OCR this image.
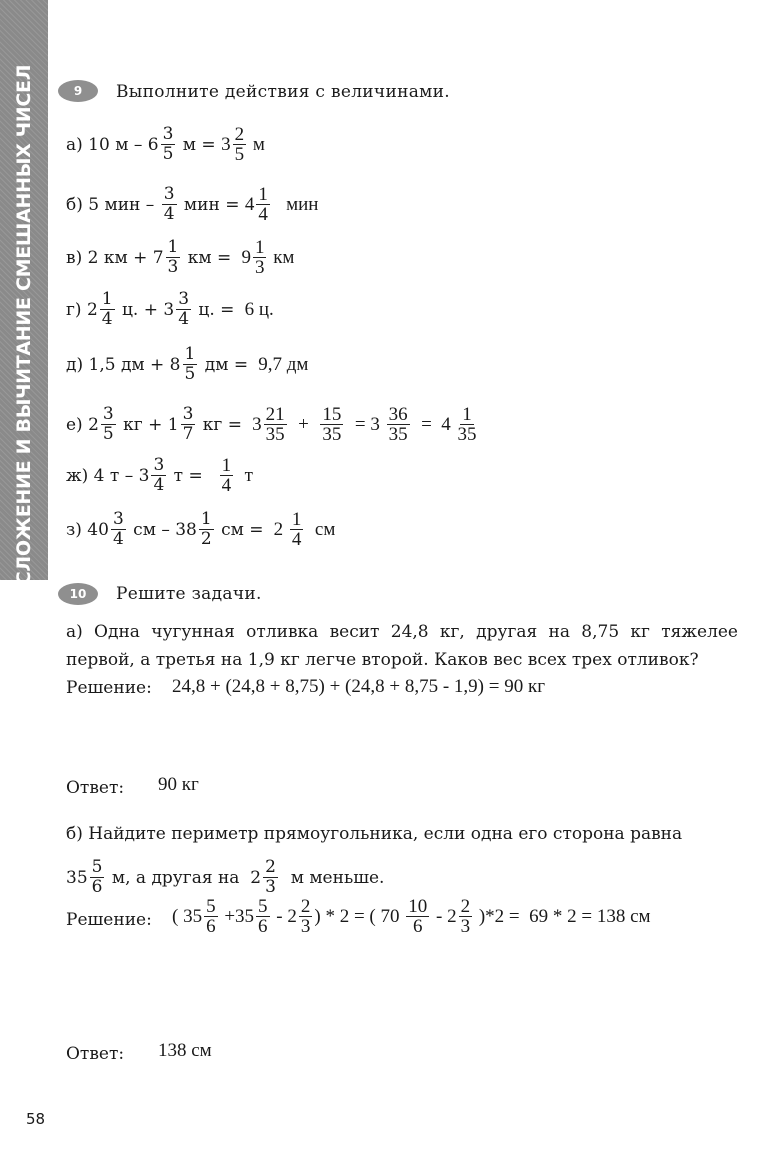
СЛОЖЕНИЕ И ВЫЧИТАНИЕ СМЕШАННЫХ ЧИСЕЛ	9	Выполните действия с величинами.
а) 10 м – $6 \frac{3}{5}$ $м = 3 \frac{2}{5}$ м
б) 5 мин – $\frac{3}{4}$ мин = $4 \frac{1}{4}$ мин
в) 2 км + $7 \frac{1}{3}$ км = $9 \frac{1}{3}$ км
г) $2 \frac{1}{4} ц$. + $3 \frac{3}{4} ц$. = 6 ц.
д) 1,5 дм + $8 \frac{1}{5}$ дм = 9,7 дм
е) $2 \frac{3}{5}$ кг + $1 \frac{3}{7}$ кг = $3 \frac{21}{35} + \frac{15}{35} = 3 \frac{36}{35} = 4 \frac{1}{35}$
ж) 4 т – $3 \frac{3}{4}$ т =
$\frac{1}{4}$ т
з) $40 \frac{3}{4}$ см – $38 \frac{1}{2}$ см = $2 \frac{1}{4}$ см
10	Решите задачи.
а) Одна чугунная отливка весит 24,8 кг, другая на 8,75 кг тяжелее первой, а третья на 1,9 кг легче второй. Каков вес всех трех отливок?
Решение: 24,8 + (24,8 + 8,75) + (24,8 + 8,75 - 1,9) = 90 кг
Ответ: 90 кг
б) Найдите периметр прямоугольника, если одна его сторона равна
$35 \frac{5}{6} м$, а другая на  $2 \frac{2}{3}$ м меньше.
Решение: ( $35 \frac{5}{6} +35 \frac{5}{6} - 2 \frac{2}{3}$ ) * 2 = ( $70 \frac{10}{6} - 2 \frac{2}{3} )*2 = 69 * 2 = 138$ см
Ответ: 138 см
58
